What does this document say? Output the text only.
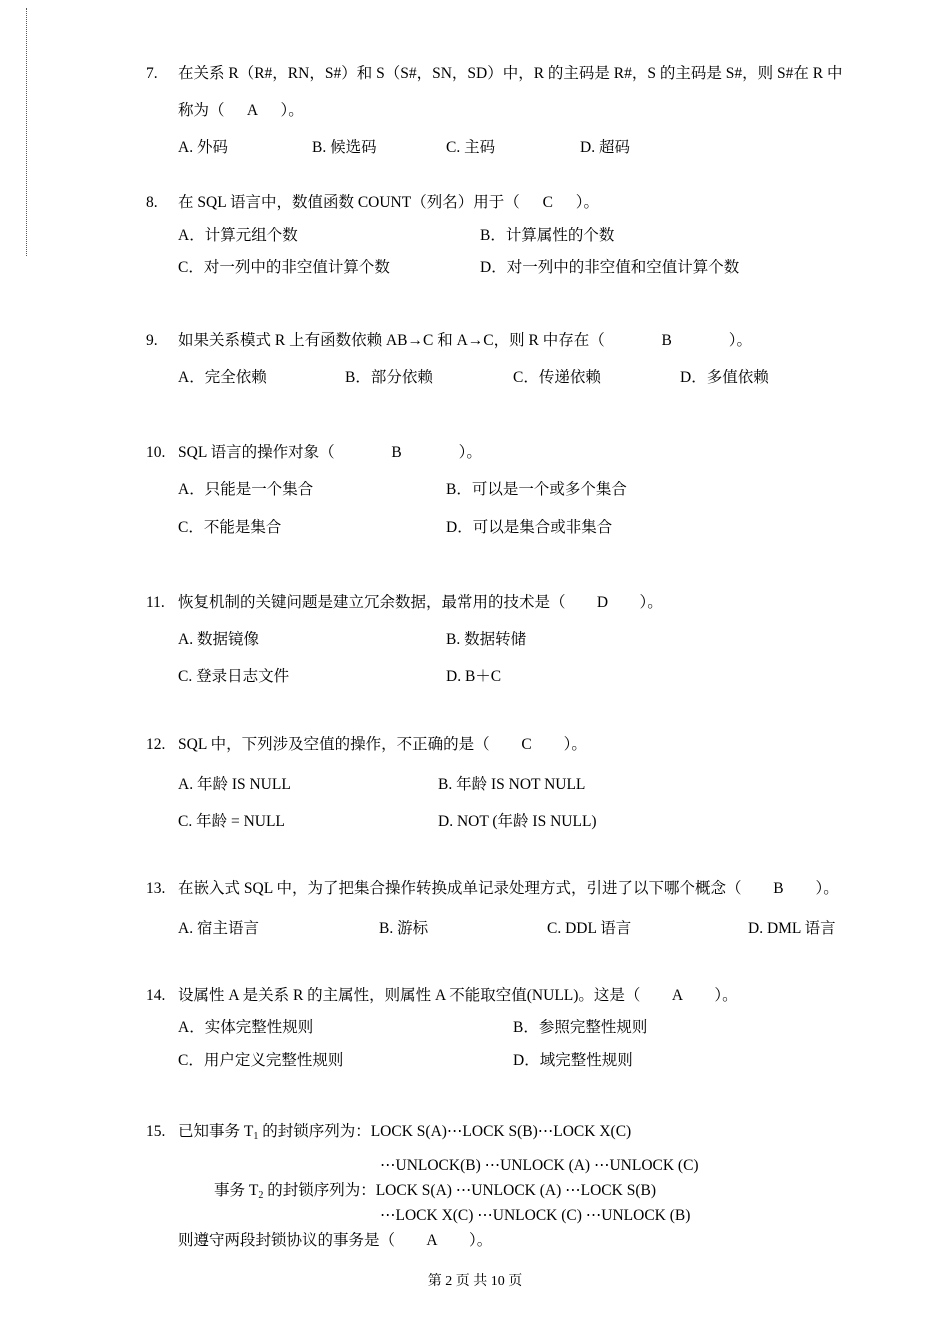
7. 在关系 R（R#，RN，S#）和 S（S#，SN，SD）中，R 的主码是 R#，S 的主码是 S#，则 S#在 R 中
称为（ A ）。
A. 外码	B. 候选码	C. 主码	D. 超码
8. 在 SQL 语言中，数值函数 COUNT（列名）用于（ C ）。
A．计算元组个数	B．计算属性的个数
C．对一列中的非空值计算个数	D．对一列中的非空值和空值计算个数
9. 如果关系模式 R 上有函数依赖 AB→C 和 A→C，则 R 中存在（	B	）。
A．完全依赖	B．部分依赖	C．传递依赖	D．多值依赖
10. SQL 语言的操作对象（	B	）。
A．只能是一个集合	B．可以是一个或多个集合
C．不能是集合	D．可以是集合或非集合
11. 恢复机制的关键问题是建立冗余数据，最常用的技术是（ D ）。
A. 数据镜像	B. 数据转储
C. 登录日志文件	D. B＋C
12. SQL 中，下列涉及空值的操作，不正确的是（ C ）。
A. 年龄 IS NULL	B. 年龄 IS NOT NULL
C. 年龄 = NULL	D. NOT (年龄 IS NULL)
13. 在嵌入式 SQL 中，为了把集合操作转换成单记录处理方式，引进了以下哪个概念（ B ）。
A. 宿主语言	B. 游标	C. DDL 语言	D. DML 语言
14. 设属性 A 是关系 R 的主属性，则属性 A 不能取空值(NULL)。这是（ A ）。
A．实体完整性规则	B．参照完整性规则
C．用户定义完整性规则	D．域完整性规则
15. 已知事务 $T_1$ 的封锁序列为：LOCK S(A)⋯LOCK S(B)⋯LOCK X(C)
⋯UNLOCK(B) ⋯UNLOCK (A) ⋯UNLOCK (C)
事务 $T_2$ 的封锁序列为：LOCK S(A) ⋯UNLOCK (A) ⋯LOCK S(B)
⋯LOCK X(C) ⋯UNLOCK (C) ⋯UNLOCK (B)
则遵守两段封锁协议的事务是（ A ）。
第 2 页 共 10 页
